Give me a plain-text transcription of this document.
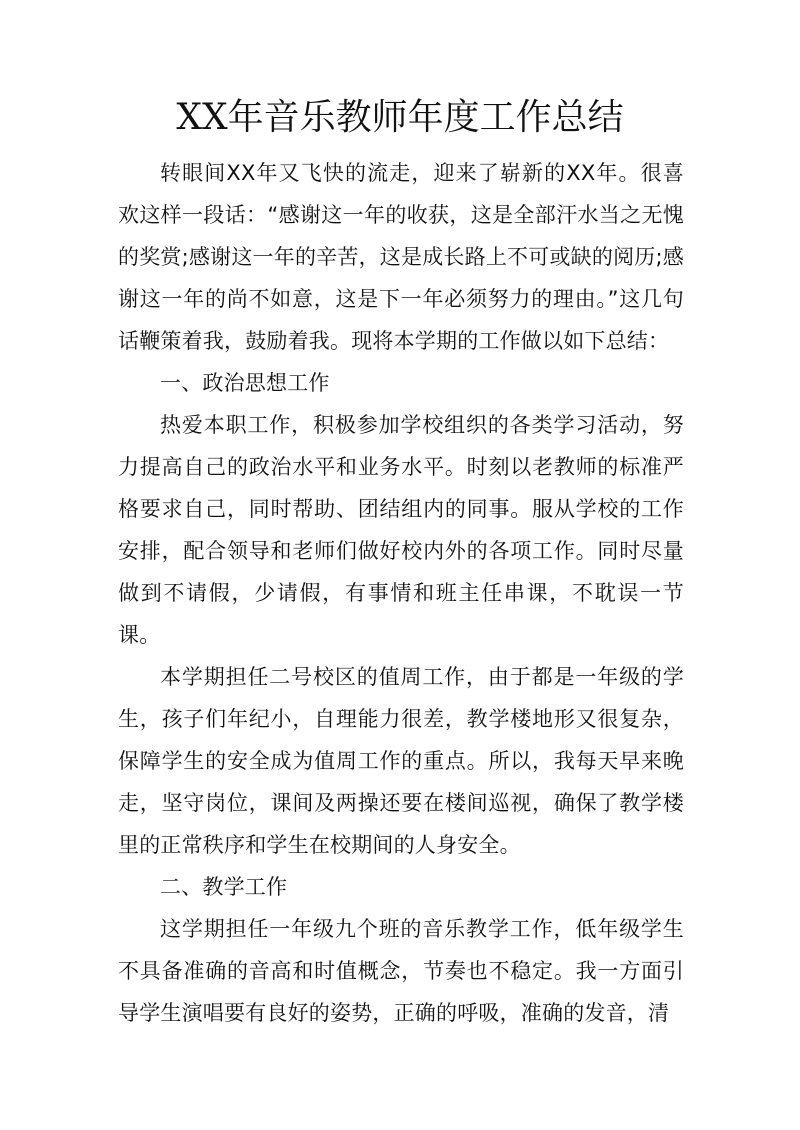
XX年音乐教师年度工作总结

转眼间XX年又飞快的流走，迎来了崭新的XX年。很喜欢这样一段话：“感谢这一年的收获，这是全部汗水当之无愧的奖赏;感谢这一年的辛苦，这是成长路上不可或缺的阅历;感谢这一年的尚不如意，这是下一年必须努力的理由。”这几句话鞭策着我，鼓励着我。现将本学期的工作做以如下总结：

一、政治思想工作

热爱本职工作，积极参加学校组织的各类学习活动，努力提高自己的政治水平和业务水平。时刻以老教师的标准严格要求自己，同时帮助、团结组内的同事。服从学校的工作安排，配合领导和老师们做好校内外的各项工作。同时尽量做到不请假，少请假，有事情和班主任串课，不耽误一节课。

本学期担任二号校区的值周工作，由于都是一年级的学生，孩子们年纪小，自理能力很差，教学楼地形又很复杂，保障学生的安全成为值周工作的重点。所以，我每天早来晚走，坚守岗位，课间及两操还要在楼间巡视，确保了教学楼里的正常秩序和学生在校期间的人身安全。

二、教学工作

这学期担任一年级九个班的音乐教学工作，低年级学生不具备准确的音高和时值概念，节奏也不稳定。我一方面引导学生演唱要有良好的姿势，正确的呼吸，准确的发音，清
